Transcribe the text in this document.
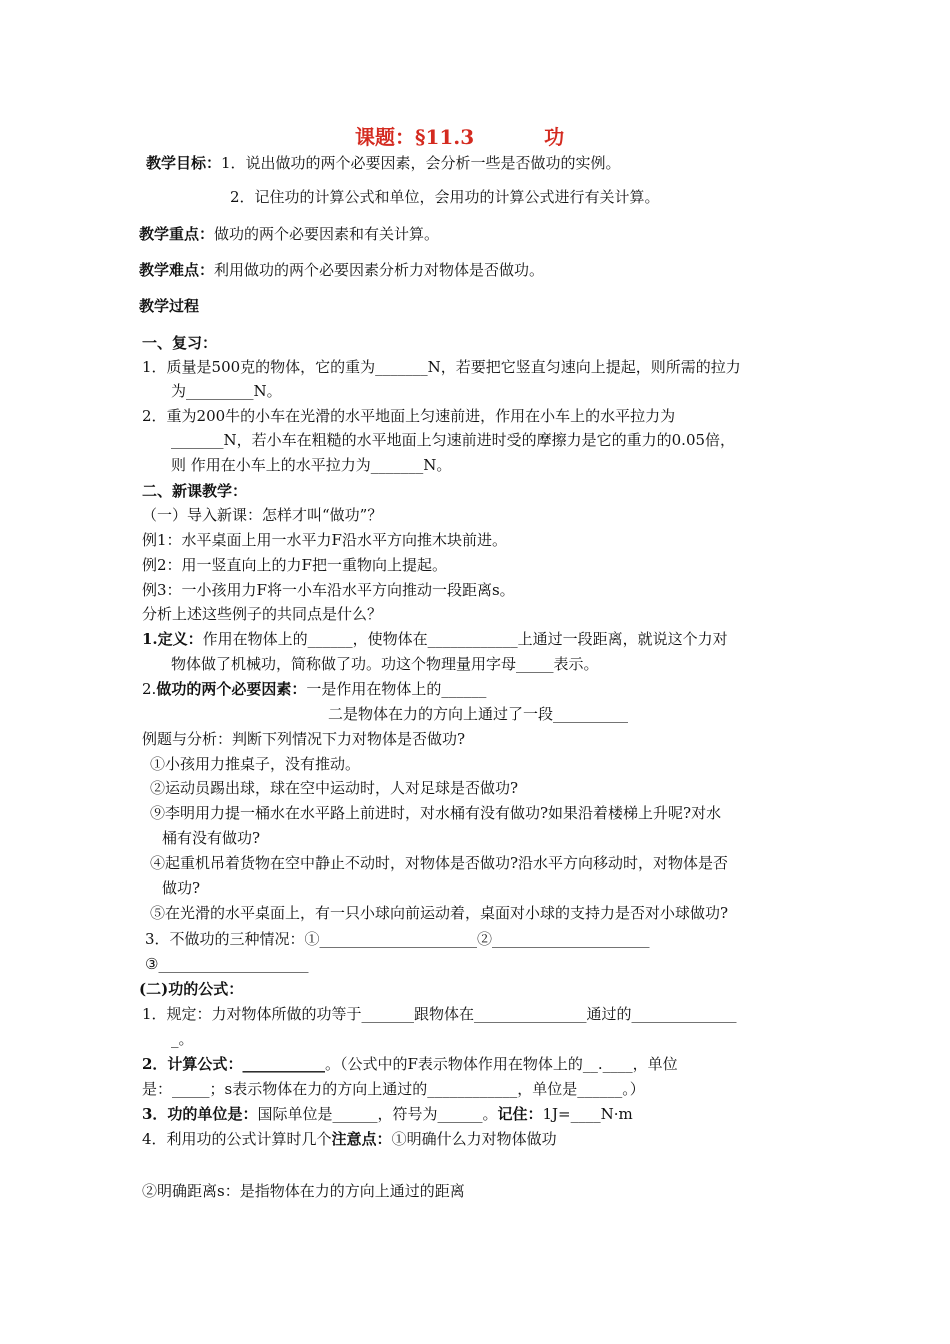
课题：§11.3	功
教学目标：1．说出做功的两个必要因素，会分析一些是否做功的实例。
2．记住功的计算公式和单位，会用功的计算公式进行有关计算。
教学重点：做功的两个必要因素和有关计算。
教学难点：利用做功的两个必要因素分析力对物体是否做功。
教学过程
一、复习：
1．质量是500克的物体，它的重为_______N，若要把它竖直匀速向上提起，则所需的拉力
为_________N。
2．重为200牛的小车在光滑的水平地面上匀速前进，作用在小车上的水平拉力为
_______N，若小车在粗糙的水平地面上匀速前进时受的摩擦力是它的重力的0.05倍，
则 作用在小车上的水平拉力为_______N。
二、新课教学：
（一）导入新课：怎样才叫“做功”？
例1：水平桌面上用一水平力F沿水平方向推木块前进。
例2：用一竖直向上的力F把一重物向上提起。
例3：一小孩用力F将一小车沿水平方向推动一段距离s。
分析上述这些例子的共同点是什么？
1.定义：作用在物体上的______，使物体在____________上通过一段距离，就说这个力对
物体做了机械功，简称做了功。功这个物理量用字母_____表示。
2.做功的两个必要因素：一是作用在物体上的______
二是物体在力的方向上通过了一段__________
例题与分析：判断下列情况下力对物体是否做功?
①小孩用力推桌子，没有推动。
②运动员踢出球，球在空中运动时，人对足球是否做功?
⑨李明用力提一桶水在水平路上前进时，对水桶有没有做功?如果沿着楼梯上升呢?对水
桶有没有做功?
④起重机吊着货物在空中静止不动时，对物体是否做功?沿水平方向移动时，对物体是否
做功?
⑤在光滑的水平桌面上，有一只小球向前运动着，桌面对小球的支持力是否对小球做功?
3．不做功的三种情况：①_____________________②_____________________
③____________________
(二)功的公式：
1．规定：力对物体所做的功等于_______跟物体在_______________通过的______________
_。
2．计算公式：___________。（公式中的F表示物体作用在物体上的__.____，单位
是：_____；s表示物体在力的方向上通过的____________，单位是______。）
3．功的单位是：国际单位是______，符号为______。记住：1J=____N·m
4．利用功的公式计算时几个注意点：①明确什么力对物体做功
②明确距离s：是指物体在力的方向上通过的距离
